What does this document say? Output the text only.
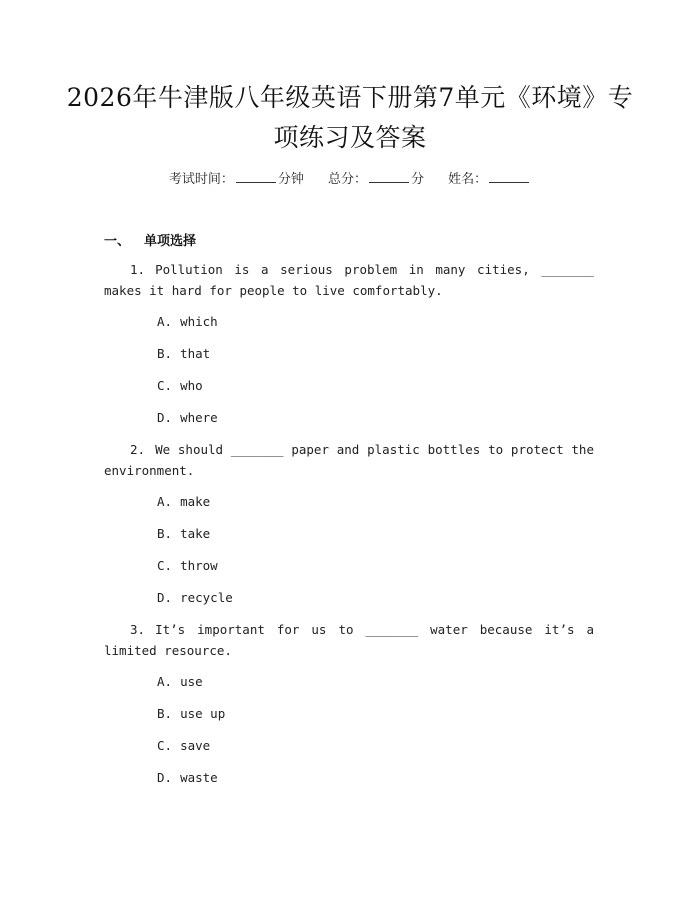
2026年牛津版八年级英语下册第7单元《环境》专项练习及答案
考试时间：	分钟 总分：	分 姓名：
一、 单项选择
1. Pollution is a serious problem in many cities, _______ makes it hard for people to live comfortably.
A. which
B. that
C. who
D. where
2. We should _______ paper and plastic bottles to protect the environment.
A. make
B. take
C. throw
D. recycle
3. It’s important for us to _______ water because it’s a limited resource.
A. use
B. use up
C. save
D. waste
